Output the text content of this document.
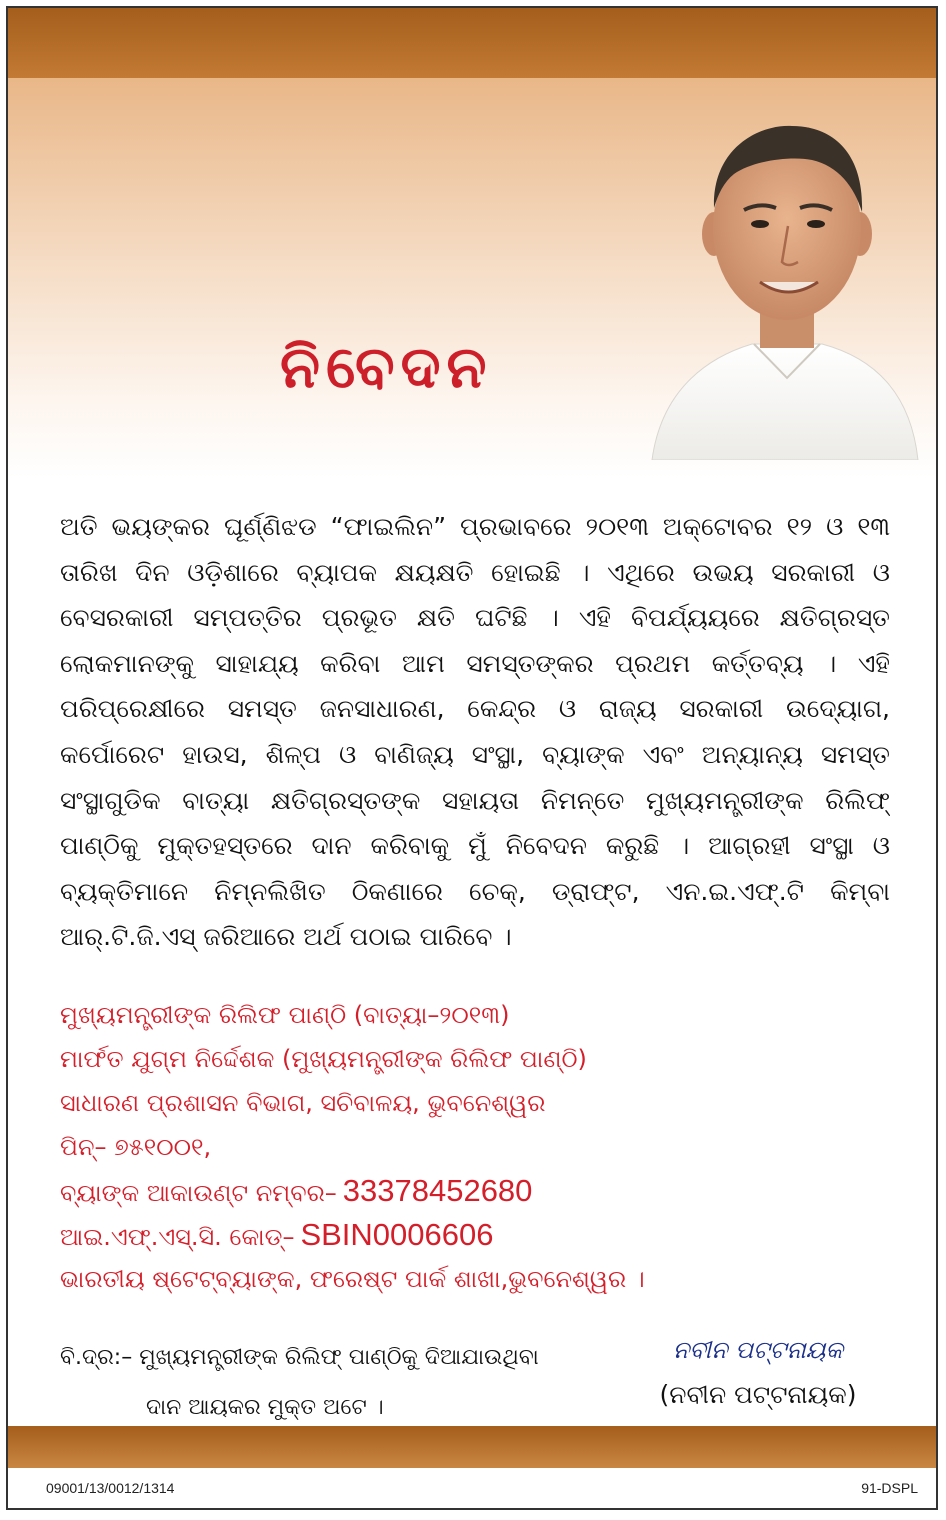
ନିବେଦନ
ଅତି ଭୟଙ୍କର ଘୂର୍ଣ୍ଣିଝଡ “ଫାଇଲିନ” ପ୍ରଭାବରେ ୨୦୧୩ ଅକ୍ଟୋବର ୧୨ ଓ ୧୩ ତାରିଖ ଦିନ ଓଡ଼ିଶାରେ ବ୍ୟାପକ କ୍ଷୟକ୍ଷତି ହୋଇଛି । ଏଥିରେ ଉଭୟ ସରକାରୀ ଓ ବେସରକାରୀ ସମ୍ପତ୍ତିର ପ୍ରଭୂତ କ୍ଷତି ଘଟିଛି । ଏହି ବିପର୍ଯ୍ୟୟରେ କ୍ଷତିଗ୍ରସ୍ତ ଲୋକମାନଙ୍କୁ ସାହାଯ୍ୟ କରିବା ଆମ ସମସ୍ତଙ୍କର ପ୍ରଥମ କର୍ତ୍ତବ୍ୟ । ଏହି ପରିପ୍ରେକ୍ଷୀରେ ସମସ୍ତ ଜନସାଧାରଣ, କେନ୍ଦ୍ର ଓ ରାଜ୍ୟ ସରକାରୀ ଉଦ୍ୟୋଗ, କର୍ପୋରେଟ ହାଉସ, ଶିଳ୍ପ ଓ ବାଣିଜ୍ୟ ସଂସ୍ଥା, ବ୍ୟାଙ୍କ ଏବଂ ଅନ୍ୟାନ୍ୟ ସମସ୍ତ ସଂସ୍ଥାଗୁଡିକ ବାତ୍ୟା କ୍ଷତିଗ୍ରସ୍ତଙ୍କ ସହାୟତା ନିମନ୍ତେ ମୁଖ୍ୟମନ୍ତ୍ରୀଙ୍କ ରିଲିଫ୍ ପାଣ୍ଠିକୁ ମୁକ୍ତହସ୍ତରେ ଦାନ କରିବାକୁ ମୁଁ ନିବେଦନ କରୁଛି । ଆଗ୍ରହୀ ସଂସ୍ଥା ଓ ବ୍ୟକ୍ତିମାନେ ନିମ୍ନଲିଖିତ ଠିକଣାରେ ଚେକ୍, ଡ୍ରାଫ୍ଟ, ଏନ.ଇ.ଏଫ୍.ଟି କିମ୍ବା ଆର୍.ଟି.ଜି.ଏସ୍ ଜରିଆରେ ଅର୍ଥ ପଠାଇ ପାରିବେ ।
ମୁଖ୍ୟମନ୍ତ୍ରୀଙ୍କ ରିଲିଫ ପାଣ୍ଠି (ବାତ୍ୟା–୨୦୧୩)
ମାର୍ଫତ ଯୁଗ୍ମ ନିର୍ଦ୍ଦେଶକ (ମୁଖ୍ୟମନ୍ତ୍ରୀଙ୍କ ରିଲିଫ ପାଣ୍ଠି)
ସାଧାରଣ ପ୍ରଶାସନ ବିଭାଗ, ସଚିବାଳୟ, ଭୁବନେଶ୍ୱର
ପିନ୍– ୭୫୧୦୦୧,
ବ୍ୟାଙ୍କ ଆକାଉଣ୍ଟ ନମ୍ବର– 33378452680
ଆଇ.ଏଫ୍.ଏସ୍.ସି. କୋଡ୍– SBIN0006606
ଭାରତୀୟ ଷ୍ଟେଟ୍‌ବ୍ୟାଙ୍କ, ଫରେଷ୍ଟ ପାର୍କ ଶାଖା,ଭୁବନେଶ୍ୱର ।
ବି.ଦ୍ର:– ମୁଖ୍ୟମନ୍ତ୍ରୀଙ୍କ ରିଲିଫ୍ ପାଣ୍ଠିକୁ ଦିଆଯାଉଥିବା
ଦାନ ଆୟକର ମୁକ୍ତ ଅଟେ ।
ନବୀନ ପଟ୍ଟନାୟକ
(ନବୀନ ପଟ୍ଟନାୟକ)
09001/13/0012/1314	91-DSPL
